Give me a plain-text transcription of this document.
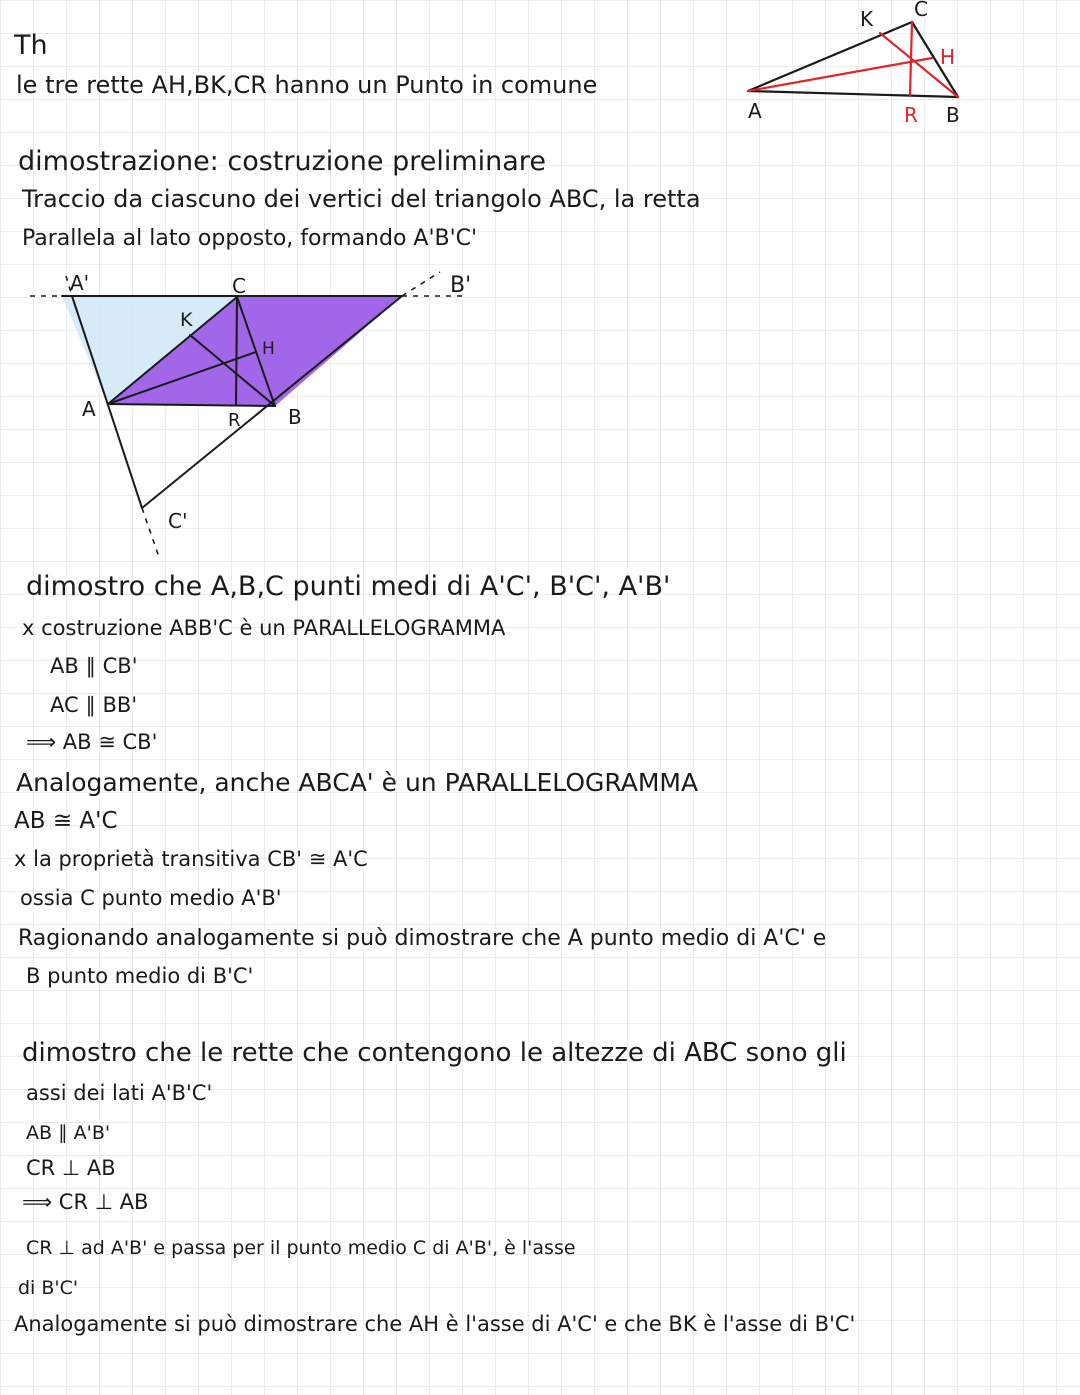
Th
le tre rette AH,BK,CR hanno un Punto in comune
K C
H
A	R B
dimostrazione: costruzione preliminare
Traccio da ciascuno dei vertici del triangolo ABC, la retta
Parallela al lato opposto, formando A'B'C'
A'	C	B'
K
H
A	R B
C'
dimostro che A,B,C punti medi di A'C', B'C', A'B'
x costruzione ABB'C è un PARALLELOGRAMMA
AB ∥ CB'
AC ∥ BB'
⟹ AB ≅ CB'
Analogamente, anche ABCA' è un PARALLELOGRAMMA
AB ≅ A'C
x la proprietà transitiva CB' ≅ A'C
ossia C punto medio A'B'
Ragionando analogamente si può dimostrare che A punto medio di A'C' e
B punto medio di B'C'
dimostro che le rette che contengono le altezze di ABC sono gli
assi dei lati A'B'C'
AB ∥ A'B'
CR ⊥ AB
⟹ CR ⊥ AB
CR ⊥ ad A'B' e passa per il punto medio C di A'B', è l'asse
di B'C'
Analogamente si può dimostrare che AH è l'asse di A'C' e che BK è l'asse di B'C'
